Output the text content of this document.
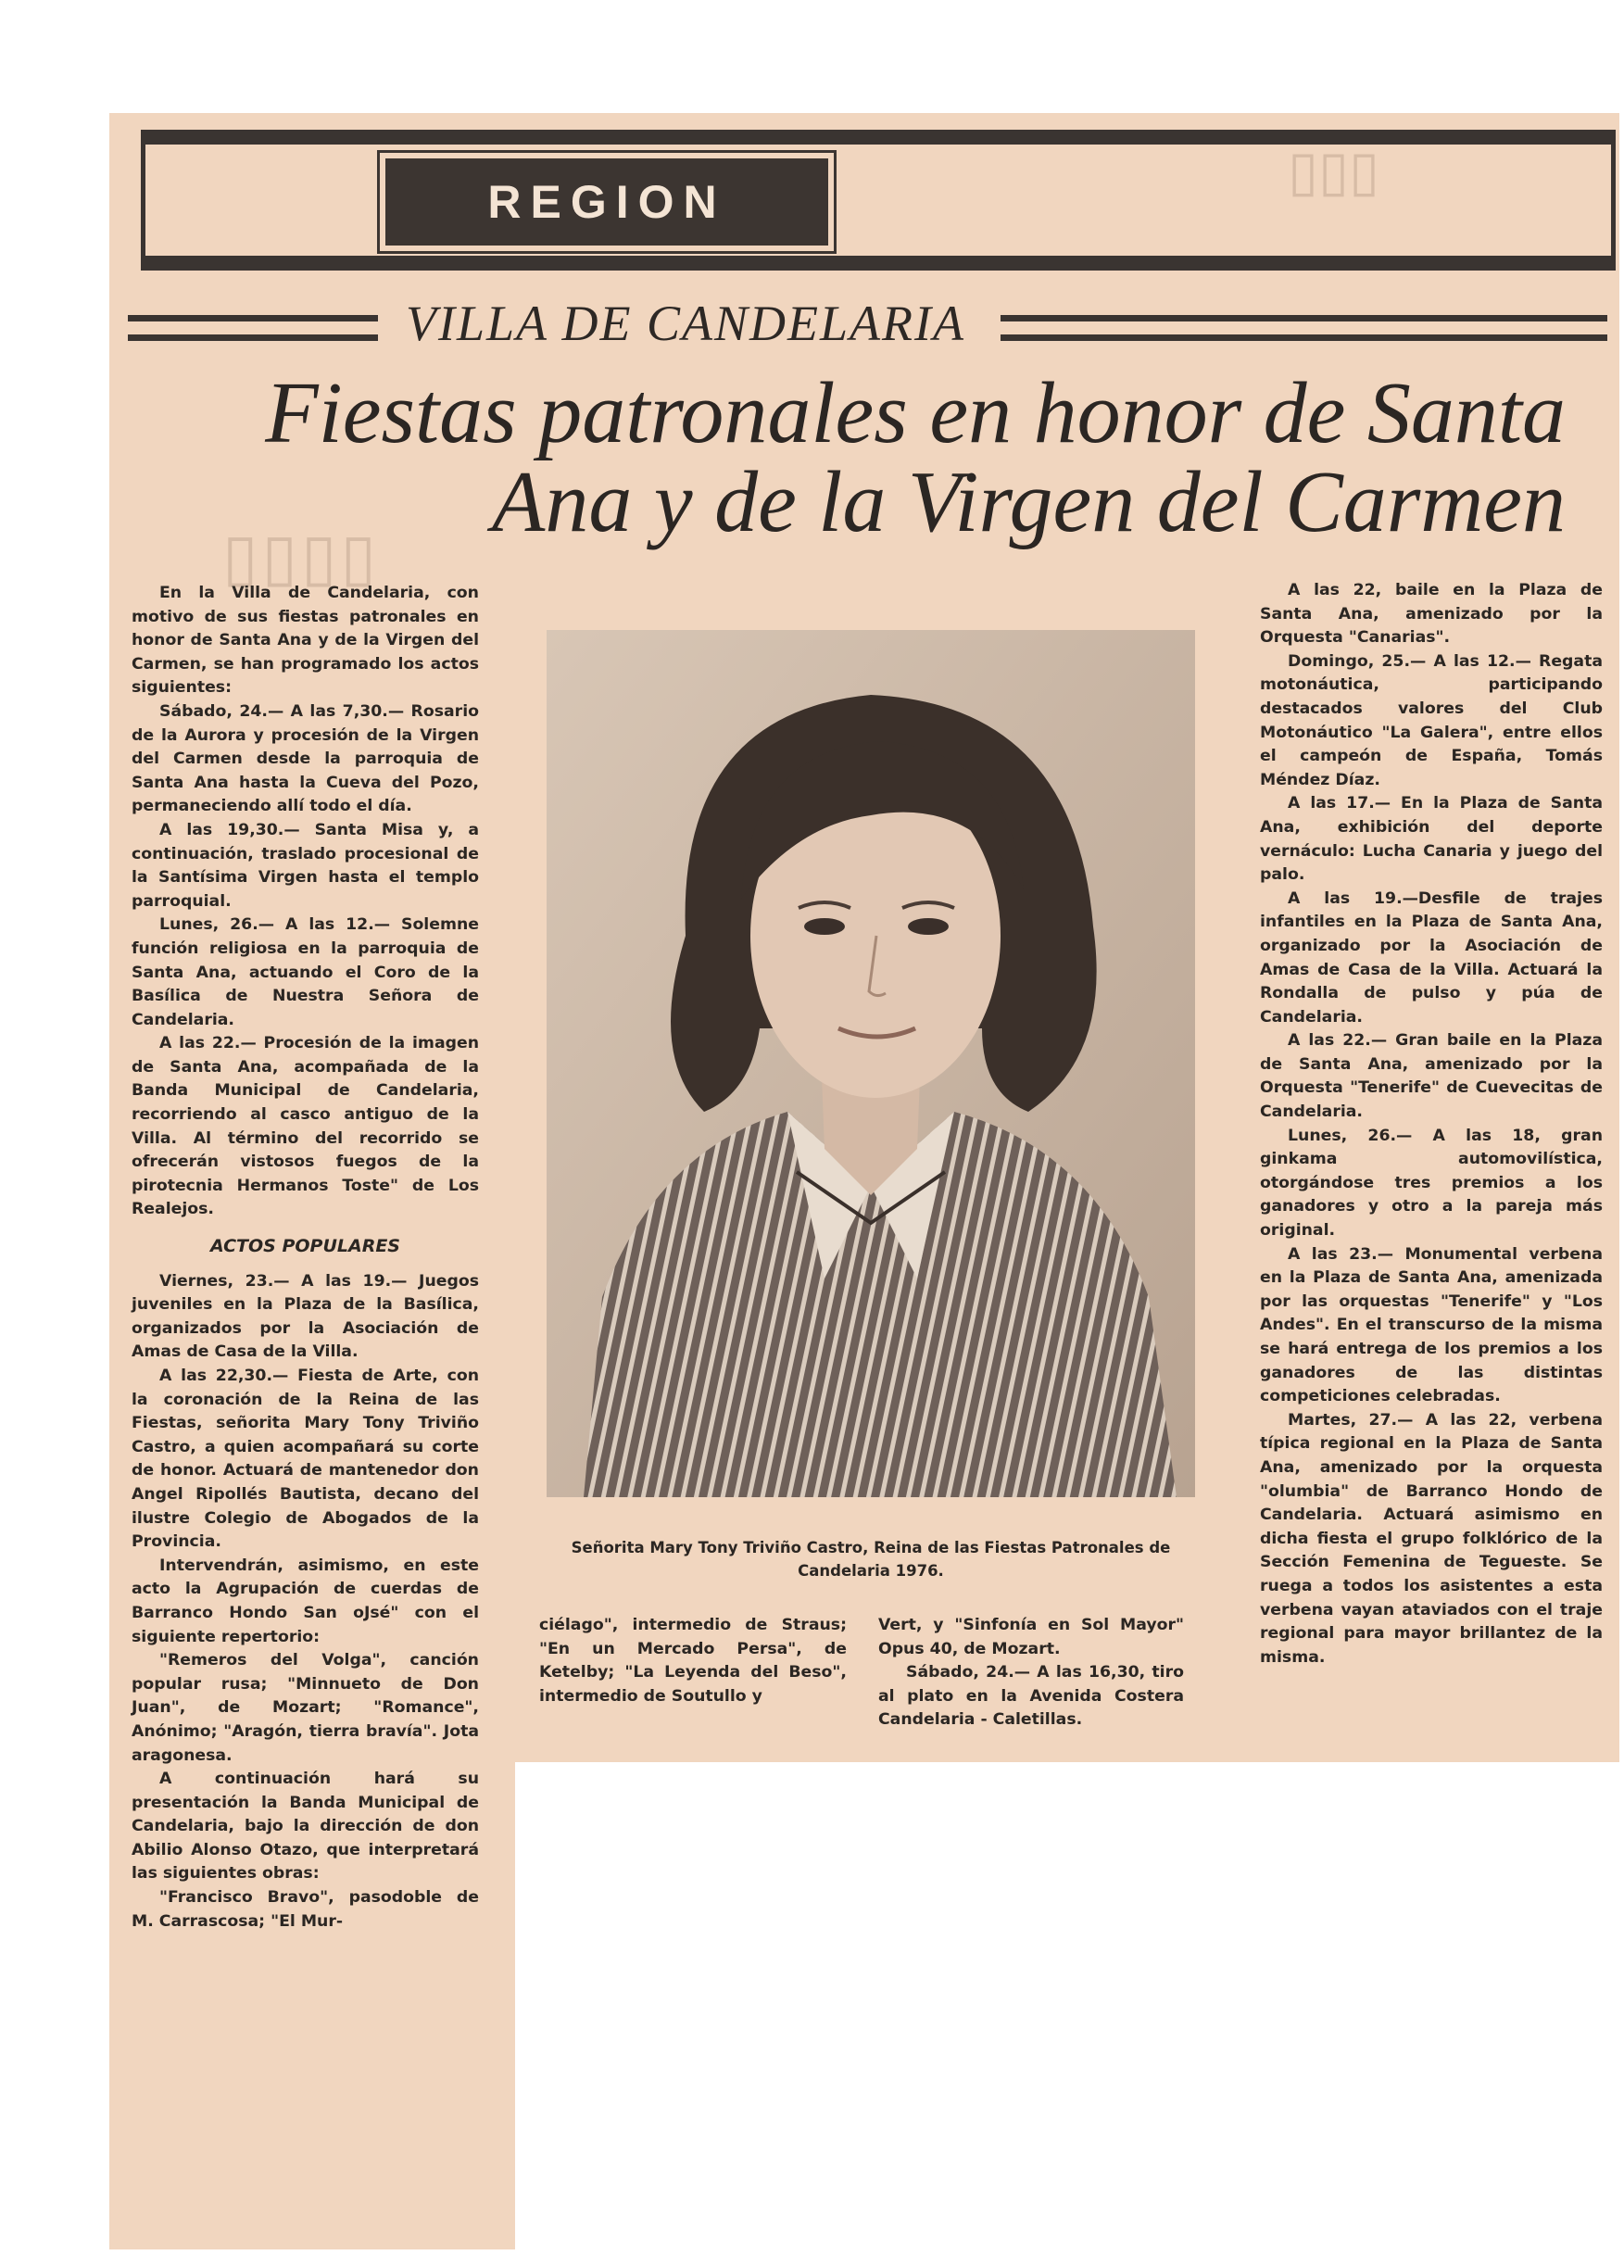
▯▯▯
▯▯▯▯
REGION
VILLA DE CANDELARIA
Fiestas patronales en honor de Santa
Ana y de la Virgen del Carmen

En la Villa de Candelaria, con motivo de sus fiestas patronales en honor de Santa Ana y de la Virgen del Carmen, se han programado los actos siguientes:

Sábado, 24.— A las 7,30.— Rosario de la Aurora y procesión de la Virgen del Carmen desde la parroquia de Santa Ana hasta la Cueva del Pozo, permaneciendo allí todo el día.

A las 19,30.— Santa Misa y, a continuación, traslado procesional de la Santísima Virgen hasta el templo parroquial.

Lunes, 26.— A las 12.— Solemne función religiosa en la parroquia de Santa Ana, actuando el Coro de la Basílica de Nuestra Señora de Candelaria.

A las 22.— Procesión de la imagen de Santa Ana, acompañada de la Banda Municipal de Candelaria, recorriendo al casco antiguo de la Villa. Al término del recorrido se ofrecerán vistosos fuegos de la pirotecnia Hermanos Toste" de Los Realejos.

ACTOS POPULARES

Viernes, 23.— A las 19.— Juegos juveniles en la Plaza de la Basílica, organizados por la Asociación de Amas de Casa de la Villa.

A las 22,30.— Fiesta de Arte, con la coronación de la Reina de las Fiestas, señorita Mary Tony Triviño Castro, a quien acompañará su corte de honor. Actuará de mantenedor don Angel Ripollés Bautista, decano del ilustre Colegio de Abogados de la Provincia.

Intervendrán, asimismo, en este acto la Agrupación de cuerdas de Barranco Hondo San oJsé" con el siguiente repertorio:

"Remeros del Volga", canción popular rusa; "Minnueto de Don Juan", de Mozart; "Romance", Anónimo; "Aragón, tierra bravía". Jota aragonesa.

A continuación hará su presentación la Banda Municipal de Candelaria, bajo la dirección de don Abilio Alonso Otazo, que interpretará las siguientes obras:

"Francisco Bravo", pasodoble de M. Carrascosa; "El Mur-

Señorita Mary Tony Triviño Castro, Reina de las Fiestas Patronales de Candelaria 1976.

ciélago", intermedio de Straus; "En un Mercado Persa", de Ketelby; "La Leyenda del Beso", intermedio de Soutullo y

Vert, y "Sinfonía en Sol Mayor" Opus 40, de Mozart.

Sábado, 24.— A las 16,30, tiro al plato en la Avenida Costera Candelaria - Caletillas.

A las 22, baile en la Plaza de Santa Ana, amenizado por la Orquesta "Canarias".

Domingo, 25.— A las 12.— Regata motonáutica, participando destacados valores del Club Motonáutico "La Galera", entre ellos el campeón de España, Tomás Méndez Díaz.

A las 17.— En la Plaza de Santa Ana, exhibición del deporte vernáculo: Lucha Canaria y juego del palo.

A las 19.—Desfile de trajes infantiles en la Plaza de Santa Ana, organizado por la Asociación de Amas de Casa de la Villa. Actuará la Rondalla de pulso y púa de Candelaria.

A las 22.— Gran baile en la Plaza de Santa Ana, amenizado por la Orquesta "Tenerife" de Cuevecitas de Candelaria.

Lunes, 26.— A las 18, gran ginkama automovilística, otorgándose tres premios a los ganadores y otro a la pareja más original.

A las 23.— Monumental verbena en la Plaza de Santa Ana, amenizada por las orquestas "Tenerife" y "Los Andes". En el transcurso de la misma se hará entrega de los premios a los ganadores de las distintas competiciones celebradas.

Martes, 27.— A las 22, verbena típica regional en la Plaza de Santa Ana, amenizado por la orquesta "olumbia" de Barranco Hondo de Candelaria. Actuará asimismo en dicha fiesta el grupo folklórico de la Sección Femenina de Tegueste. Se ruega a todos los asistentes a esta verbena vayan ataviados con el traje regional para mayor brillantez de la misma.
